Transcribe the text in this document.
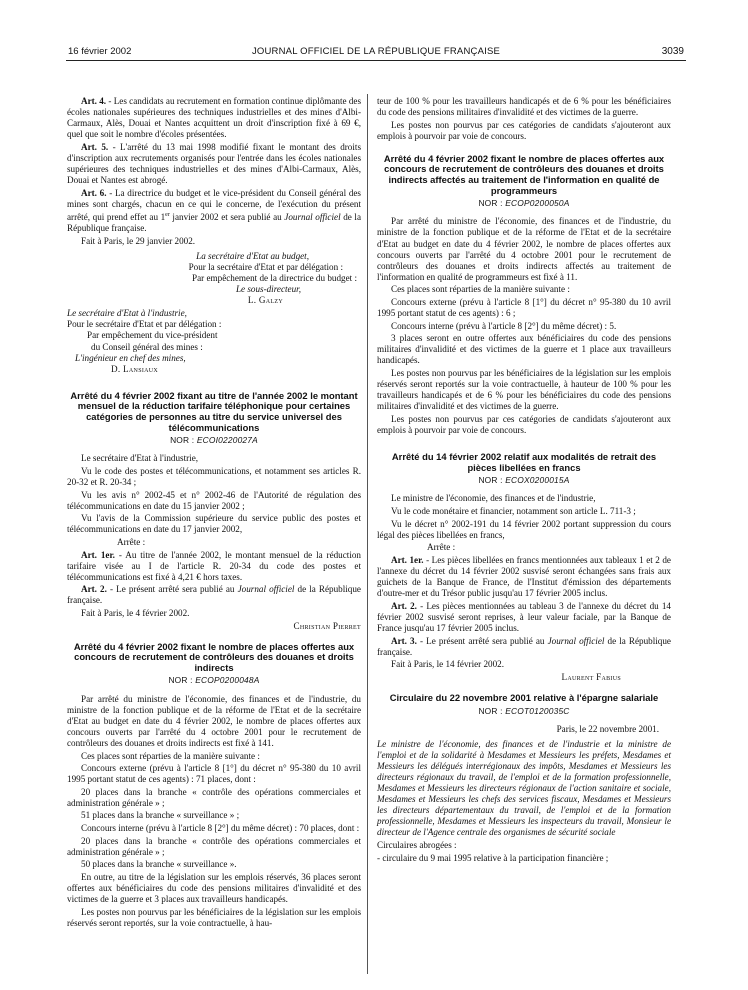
16 février 2002	JOURNAL OFFICIEL DE LA RÉPUBLIQUE FRANÇAISE	3039

Art. 4. - Les candidats au recrutement en formation continue diplômante des écoles nationales supérieures des techniques industrielles et des mines d'Albi-Carmaux, Alès, Douai et Nantes acquittent un droit d'inscription fixé à 69 €, quel que soit le nombre d'écoles présentées.

Art. 5. - L'arrêté du 13 mai 1998 modifié fixant le montant des droits d'inscription aux recrutements organisés pour l'entrée dans les écoles nationales supérieures des techniques industrielles et des mines d'Albi-Carmaux, Alès, Douai et Nantes est abrogé.

Art. 6. - La directrice du budget et le vice-président du Conseil général des mines sont chargés, chacun en ce qui le concerne, de l'exécution du présent arrêté, qui prend effet au 1er janvier 2002 et sera publié au Journal officiel de la République française.

Fait à Paris, le 29 janvier 2002.

La secrétaire d'Etat au budget,

Pour la secrétaire d'Etat et par délégation :

Par empêchement de la directrice du budget :

Le sous-directeur,

L. Galzy

Le secrétaire d'Etat à l'industrie,

Pour le secrétaire d'Etat et par délégation :

Par empêchement du vice-président

du Conseil général des mines :

L'ingénieur en chef des mines,

D. Lansiaux

Arrêté du 4 février 2002 fixant au titre de l'année 2002 le montant mensuel de la réduction tarifaire téléphonique pour certaines catégories de personnes au titre du service universel des télécommunications
NOR : ECOI0220027A

Le secrétaire d'Etat à l'industrie,

Vu le code des postes et télécommunications, et notamment ses articles R. 20-32 et R. 20-34 ;

Vu les avis n° 2002-45 et n° 2002-46 de l'Autorité de régulation des télécommunications en date du 15 janvier 2002 ;

Vu l'avis de la Commission supérieure du service public des postes et télécommunications en date du 17 janvier 2002,

Arrête :

Art. 1er. - Au titre de l'année 2002, le montant mensuel de la réduction tarifaire visée au I de l'article R. 20-34 du code des postes et télécommunications est fixé à 4,21 € hors taxes.

Art. 2. - Le présent arrêté sera publié au Journal officiel de la République française.

Fait à Paris, le 4 février 2002.

Christian Pierret

Arrêté du 4 février 2002 fixant le nombre de places offertes aux concours de recrutement de contrôleurs des douanes et droits indirects
NOR : ECOP0200048A

Par arrêté du ministre de l'économie, des finances et de l'industrie, du ministre de la fonction publique et de la réforme de l'Etat et de la secrétaire d'Etat au budget en date du 4 février 2002, le nombre de places offertes aux concours ouverts par l'arrêté du 4 octobre 2001 pour le recrutement de contrôleurs des douanes et droits indirects est fixé à 141.

Ces places sont réparties de la manière suivante :

Concours externe (prévu à l'article 8 [1°] du décret n° 95-380 du 10 avril 1995 portant statut de ces agents) : 71 places, dont :

20 places dans la branche « contrôle des opérations commerciales et administration générale » ;

51 places dans la branche « surveillance » ;

Concours interne (prévu à l'article 8 [2°] du même décret) : 70 places, dont :

20 places dans la branche « contrôle des opérations commerciales et administration générale » ;

50 places dans la branche « surveillance ».

En outre, au titre de la législation sur les emplois réservés, 36 places seront offertes aux bénéficiaires du code des pensions militaires d'invalidité et des victimes de la guerre et 3 places aux travailleurs handicapés.

Les postes non pourvus par les bénéficiaires de la législation sur les emplois réservés seront reportés, sur la voie contractuelle, à hau-

teur de 100 % pour les travailleurs handicapés et de 6 % pour les bénéficiaires du code des pensions militaires d'invalidité et des victimes de la guerre.

Les postes non pourvus par ces catégories de candidats s'ajouteront aux emplois à pourvoir par voie de concours.

Arrêté du 4 février 2002 fixant le nombre de places offertes aux concours de recrutement de contrôleurs des douanes et droits indirects affectés au traitement de l'information en qualité de programmeurs
NOR : ECOP0200050A

Par arrêté du ministre de l'économie, des finances et de l'industrie, du ministre de la fonction publique et de la réforme de l'Etat et de la secrétaire d'Etat au budget en date du 4 février 2002, le nombre de places offertes aux concours ouverts par l'arrêté du 4 octobre 2001 pour le recrutement de contrôleurs des douanes et droits indirects affectés au traitement de l'information en qualité de programmeurs est fixé à 11.

Ces places sont réparties de la manière suivante :

Concours externe (prévu à l'article 8 [1°] du décret n° 95-380 du 10 avril 1995 portant statut de ces agents) : 6 ;

Concours interne (prévu à l'article 8 [2°] du même décret) : 5.

3 places seront en outre offertes aux bénéficiaires du code des pensions militaires d'invalidité et des victimes de la guerre et 1 place aux travailleurs handicapés.

Les postes non pourvus par les bénéficiaires de la législation sur les emplois réservés seront reportés sur la voie contractuelle, à hauteur de 100 % pour les travailleurs handicapés et de 6 % pour les bénéficiaires du code des pensions militaires d'invalidité et des victimes de la guerre.

Les postes non pourvus par ces catégories de candidats s'ajouteront aux emplois à pourvoir par voie de concours.

Arrêté du 14 février 2002 relatif aux modalités de retrait des pièces libellées en francs
NOR : ECOX0200015A

Le ministre de l'économie, des finances et de l'industrie,

Vu le code monétaire et financier, notamment son article L. 711-3 ;

Vu le décret n° 2002-191 du 14 février 2002 portant suppression du cours légal des pièces libellées en francs,

Arrête :

Art. 1er. - Les pièces libellées en francs mentionnées aux tableaux 1 et 2 de l'annexe du décret du 14 février 2002 susvisé seront échangées sans frais aux guichets de la Banque de France, de l'Institut d'émission des départements d'outre-mer et du Trésor public jusqu'au 17 février 2005 inclus.

Art. 2. - Les pièces mentionnées au tableau 3 de l'annexe du décret du 14 février 2002 susvisé seront reprises, à leur valeur faciale, par la Banque de France jusqu'au 17 février 2005 inclus.

Art. 3. - Le présent arrêté sera publié au Journal officiel de la République française.

Fait à Paris, le 14 février 2002.

Laurent Fabius

Circulaire du 22 novembre 2001 relative à l'épargne salariale
NOR : ECOT0120035C

Paris, le 22 novembre 2001.

Le ministre de l'économie, des finances et de l'industrie et la ministre de l'emploi et de la solidarité à Mesdames et Messieurs les préfets, Mesdames et Messieurs les délégués interrégionaux des impôts, Mesdames et Messieurs les directeurs régionaux du travail, de l'emploi et de la formation professionnelle, Mesdames et Messieurs les directeurs régionaux de l'action sanitaire et sociale, Mesdames et Messieurs les chefs des services fiscaux, Mesdames et Messieurs les directeurs départementaux du travail, de l'emploi et de la formation professionnelle, Mesdames et Messieurs les inspecteurs du travail, Monsieur le directeur de l'Agence centrale des organismes de sécurité sociale

Circulaires abrogées :

- circulaire du 9 mai 1995 relative à la participation financière ;
